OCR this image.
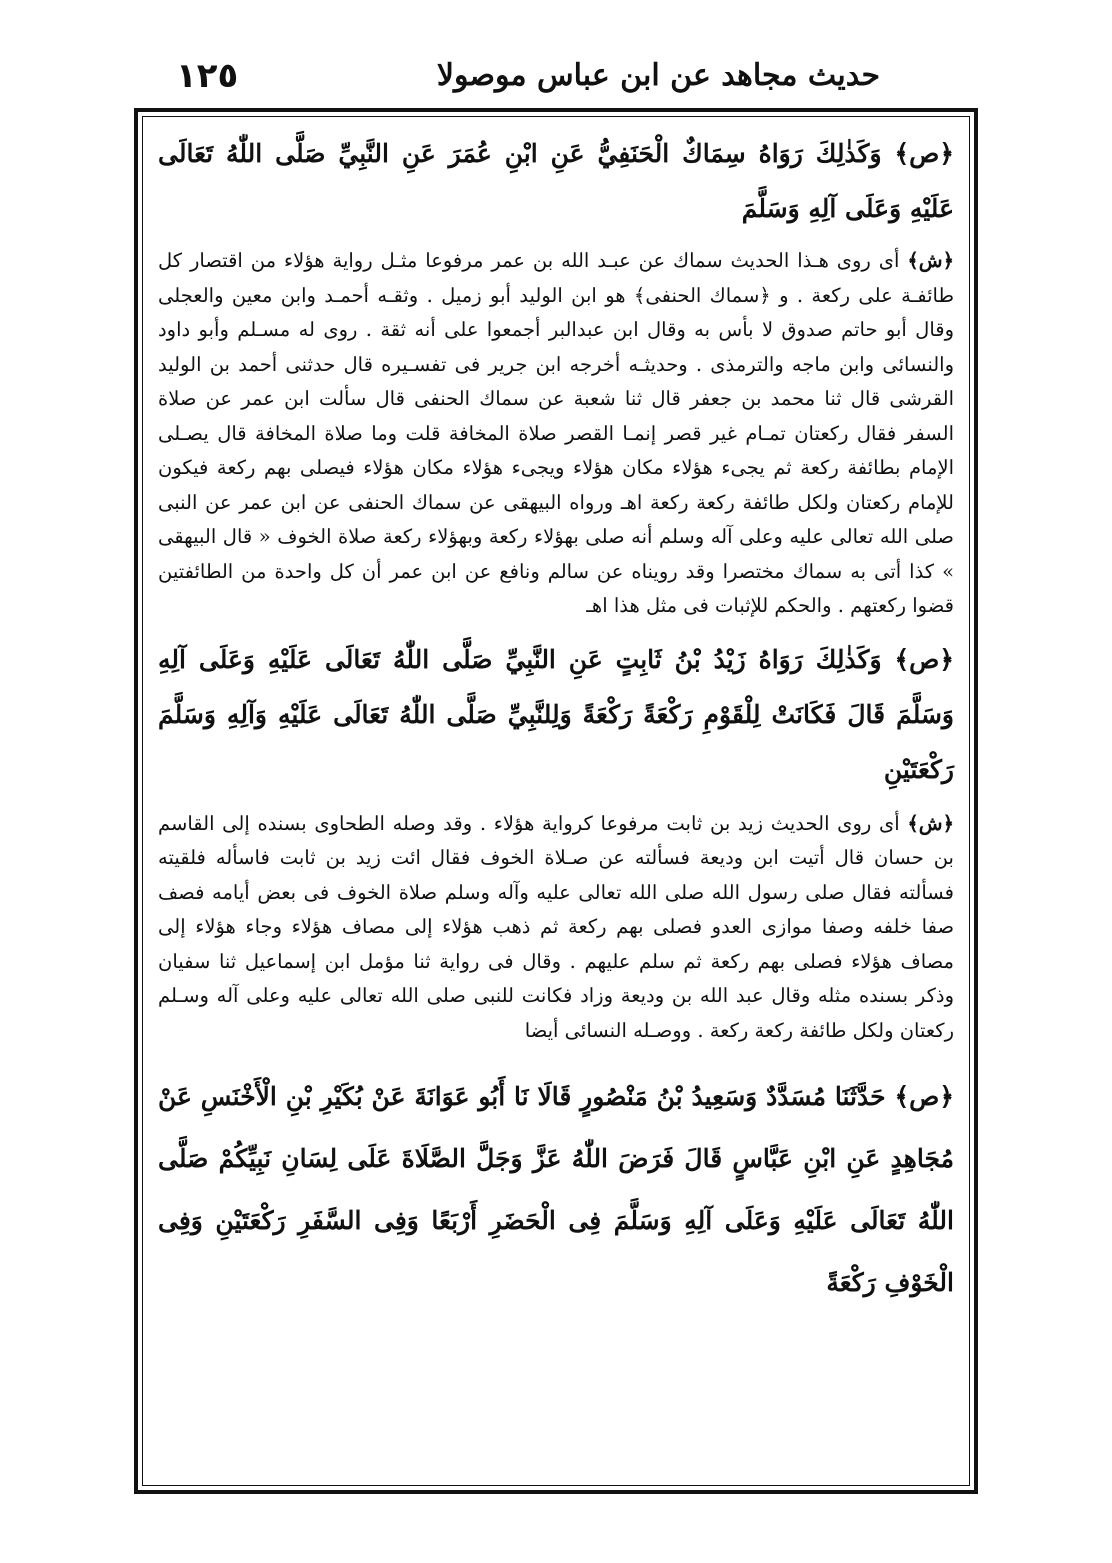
١٢٥	حديث مجاهد عن ابن عباس موصولا

﴿ص﴾ وَكَذٰلِكَ رَوَاهُ سِمَاكٌ الْحَنَفِيُّ عَنِ ابْنِ عُمَرَ عَنِ النَّبِيِّ صَلَّى اللّٰهُ تَعَالَى عَلَيْهِ وَعَلَى آلِهِ وَسَلَّمَ

﴿ش﴾ أى روى هـذا الحديث سماك عن عبـد الله بن عمر مرفوعا مثـل رواية هؤلاء من اقتصار كل طائفـة على ركعة . و ﴿سماك الحنفى﴾ هو ابن الوليد أبو زميل . وثقـه أحمـد وابن معين والعجلى وقال أبو حاتم صدوق لا بأس به وقال ابن عبدالبر أجمعوا على أنه ثقة . روى له مسـلم وأبو داود والنسائى وابن ماجه والترمذى . وحديثـه أخرجه ابن جرير فى تفسـيره قال حدثنى أحمد بن الوليد القرشى قال ثنا محمد بن جعفر قال ثنا شعبة عن سماك الحنفى قال سألت ابن عمر عن صلاة السفر فقال ركعتان تمـام غير قصر إنمـا القصر صلاة المخافة قلت وما صلاة المخافة قال يصـلى الإمام بطائفة ركعة ثم يجىء هؤلاء مكان هؤلاء ويجىء هؤلاء مكان هؤلاء فيصلى بهم ركعة فيكون للإمام ركعتان ولكل طائفة ركعة ركعة اهـ ورواه البيهقى عن سماك الحنفى عن ابن عمر عن النبى صلى الله تعالى عليه وعلى آله وسلم أنه صلى بهؤلاء ركعة وبهؤلاء ركعة صلاة الخوف « قال البيهقى » كذا أتى به سماك مختصرا وقد رويناه عن سالم ونافع عن ابن عمر أن كل واحدة من الطائفتين قضوا ركعتهم . والحكم للإثبات فى مثل هذا اهـ

﴿ص﴾ وَكَذٰلِكَ رَوَاهُ زَيْدُ بْنُ ثَابِتٍ عَنِ النَّبِيِّ صَلَّى اللّٰهُ تَعَالَى عَلَيْهِ وَعَلَى آلِهِ وَسَلَّمَ قَالَ فَكَانَتْ لِلْقَوْمِ رَكْعَةً رَكْعَةً وَلِلنَّبِيِّ صَلَّى اللّٰهُ تَعَالَى عَلَيْهِ وَآلِهِ وَسَلَّمَ رَكْعَتَيْنِ

﴿ش﴾ أى روى الحديث زيد بن ثابت مرفوعا كرواية هؤلاء . وقد وصله الطحاوى بسنده إلى القاسم بن حسان قال أتيت ابن وديعة فسألته عن صـلاة الخوف فقال ائت زيد بن ثابت فاسأله فلقيته فسألته فقال صلى رسول الله صلى الله تعالى عليه وآله وسلم صلاة الخوف فى بعض أيامه فصف صفا خلفه وصفا موازى العدو فصلى بهم ركعة ثم ذهب هؤلاء إلى مصاف هؤلاء وجاء هؤلاء إلى مصاف هؤلاء فصلى بهم ركعة ثم سلم عليهم . وقال فى رواية ثنا مؤمل ابن إسماعيل ثنا سفيان وذكر بسنده مثله وقال عبد الله بن وديعة وزاد فكانت للنبى صلى الله تعالى عليه وعلى آله وسـلم ركعتان ولكل طائفة ركعة ركعة . ووصـله النسائى أيضا

﴿ص﴾ حَدَّثَنَا مُسَدَّدٌ وَسَعِيدُ بْنُ مَنْصُورٍ قَالَا نَا أَبُو عَوَانَةَ عَنْ بُكَيْرِ بْنِ الْأَخْنَسِ عَنْ مُجَاهِدٍ عَنِ ابْنِ عَبَّاسٍ قَالَ فَرَضَ اللّٰهُ عَزَّ وَجَلَّ الصَّلَاةَ عَلَى لِسَانِ نَبِيِّكُمْ صَلَّى اللّٰهُ تَعَالَى عَلَيْهِ وَعَلَى آلِهِ وَسَلَّمَ فِى الْحَضَرِ أَرْبَعًا وَفِى السَّفَرِ رَكْعَتَيْنِ وَفِى الْخَوْفِ رَكْعَةً
